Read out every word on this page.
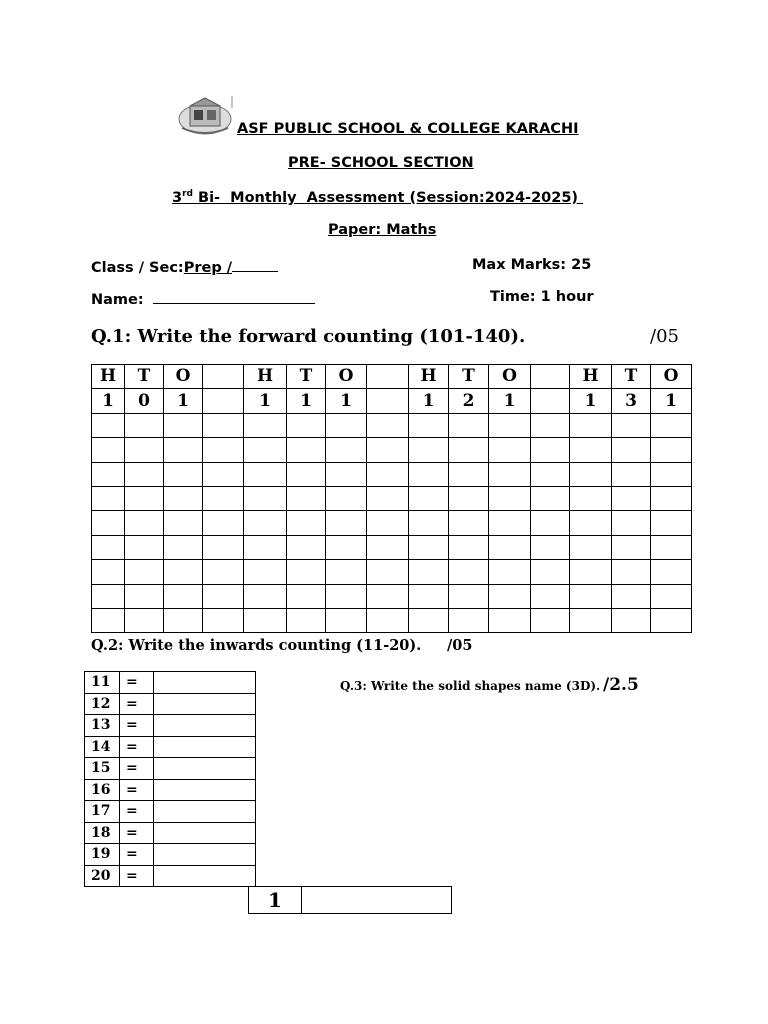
ASF PUBLIC SCHOOL & COLLEGE KARACHI
PRE- SCHOOL SECTION
3rd Bi-  Monthly  Assessment (Session:2024-2025)
Paper: Maths
Class / Sec:Prep /	Max Marks: 25
Name:	Time: 1 hour
Q.1: Write the forward counting (101-140).	/05
H	T	O		H	T	O		H	T	O		H	T	O
1	0	1		1	1	1		1	2	1		1	3	1

Q.2: Write the inwards counting (11-20). /05
11	=	
12	=	
13	=	
14	=	
15	=	
16	=	
17	=	
18	=	
19	=	
20	=	
Q.3: Write the solid shapes name (3D). /2.5
1	
